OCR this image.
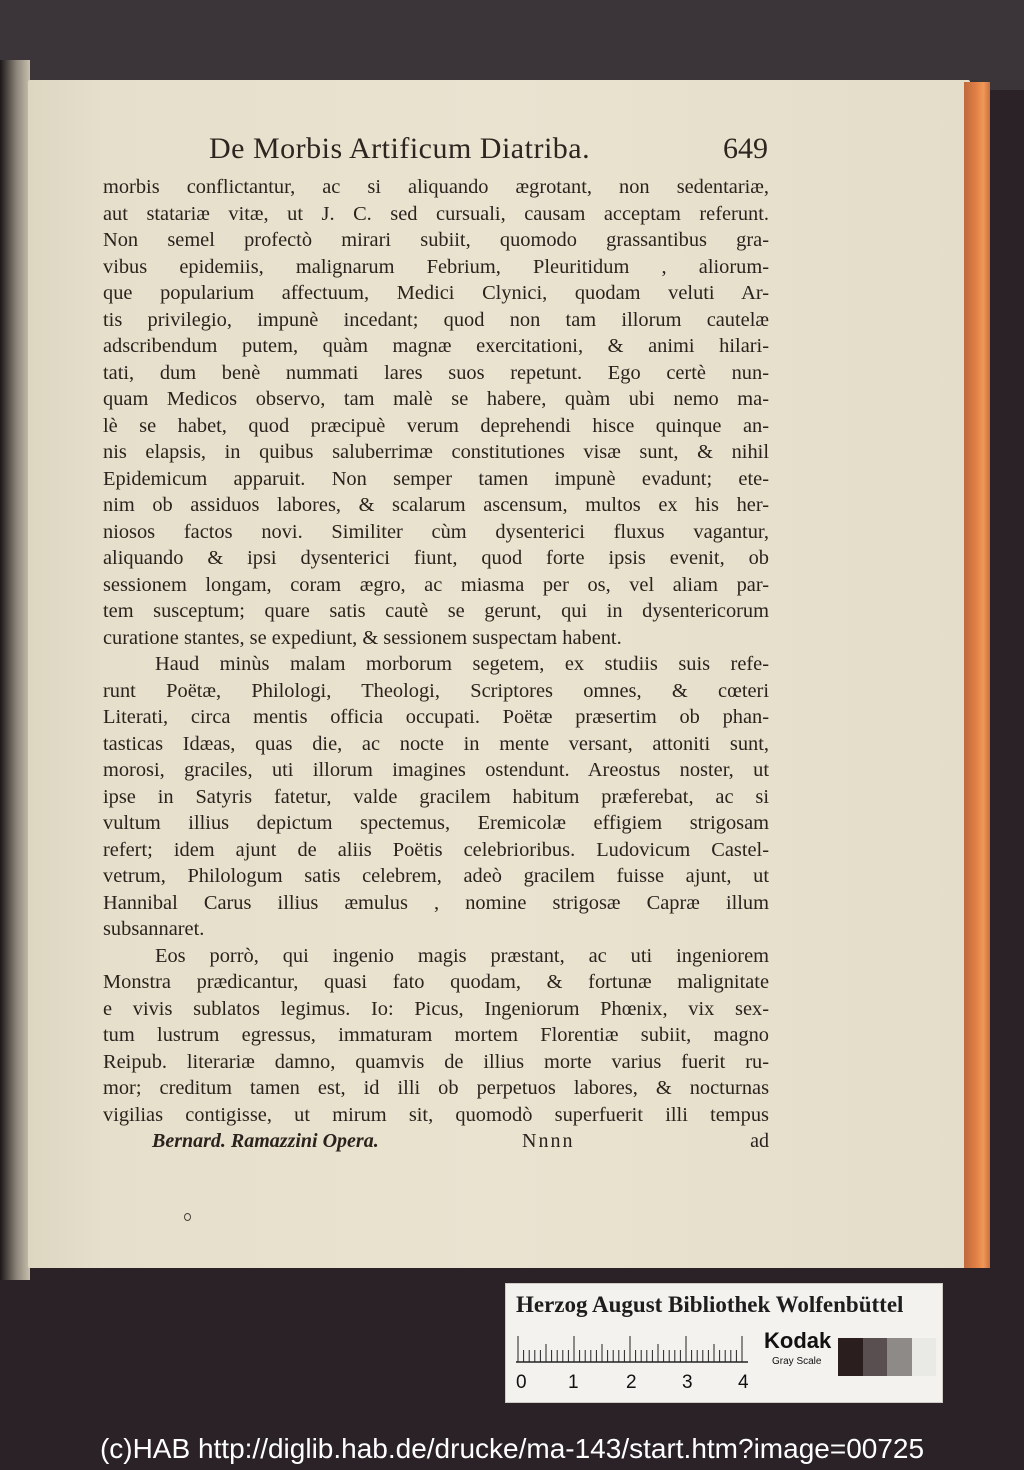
De Morbis Artificum Diatriba.	649
morbis conflictantur, ac si aliquando ægrotant, non sedentariæ,
aut statariæ vitæ, ut J. C. sed cursuali, causam acceptam referunt.
Non semel profectò mirari subiit, quomodo grassantibus gra-
vibus epidemiis, malignarum Febrium, Pleuritidum , aliorum-
que popularium affectuum, Medici Clynici, quodam veluti Ar-
tis privilegio, impunè incedant; quod non tam illorum cautelæ
adscribendum putem, quàm magnæ exercitationi, & animi hilari-
tati, dum benè nummati lares suos repetunt. Ego certè nun-
quam Medicos observo, tam malè se habere, quàm ubi nemo ma-
lè se habet, quod præcipuè verum deprehendi hisce quinque an-
nis elapsis, in quibus saluberrimæ constitutiones visæ sunt, & nihil
Epidemicum apparuit. Non semper tamen impunè evadunt; ete-
nim ob assiduos labores, & scalarum ascensum, multos ex his her-
niosos factos novi. Similiter cùm dysenterici fluxus vagantur,
aliquando & ipsi dysenterici fiunt, quod forte ipsis evenit, ob
sessionem longam, coram ægro, ac miasma per os, vel aliam par-
tem susceptum; quare satis cautè se gerunt, qui in dysentericorum
curatione stantes, se expediunt, & sessionem suspectam habent.
Haud minùs malam morborum segetem, ex studiis suis refe-
runt Poëtæ, Philologi, Theologi, Scriptores omnes, & cœteri
Literati, circa mentis officia occupati. Poëtæ præsertim ob phan-
tasticas Idæas, quas die, ac nocte in mente versant, attoniti sunt,
morosi, graciles, uti illorum imagines ostendunt. Areostus noster, ut
ipse in Satyris fatetur, valde gracilem habitum præferebat, ac si
vultum illius depictum spectemus, Eremicolæ effigiem strigosam
refert; idem ajunt de aliis Poëtis celebrioribus. Ludovicum Castel-
vetrum, Philologum satis celebrem, adeò gracilem fuisse ajunt, ut
Hannibal Carus illius æmulus , nomine strigosæ Capræ illum
subsannaret.
Eos porrò, qui ingenio magis præstant, ac uti ingeniorem
Monstra prædicantur, quasi fato quodam, & fortunæ malignitate
e vivis sublatos legimus. Io: Picus, Ingeniorum Phœnix, vix sex-
tum lustrum egressus, immaturam mortem Florentiæ subiit, magno
Reipub. literariæ damno, quamvis de illius morte varius fuerit ru-
mor; creditum tamen est, id illi ob perpetuos labores, & nocturnas
vigilias contigisse, ut mirum sit, quomodò superfuerit illi tempus
Bernard. Ramazzini Opera.	Nnnn	ad
Herzog August Bibliothek Wolfenbüttel
0 1 2 3 4
Kodak
Gray Scale
(c)HAB http://diglib.hab.de/drucke/ma-143/start.htm?image=00725
